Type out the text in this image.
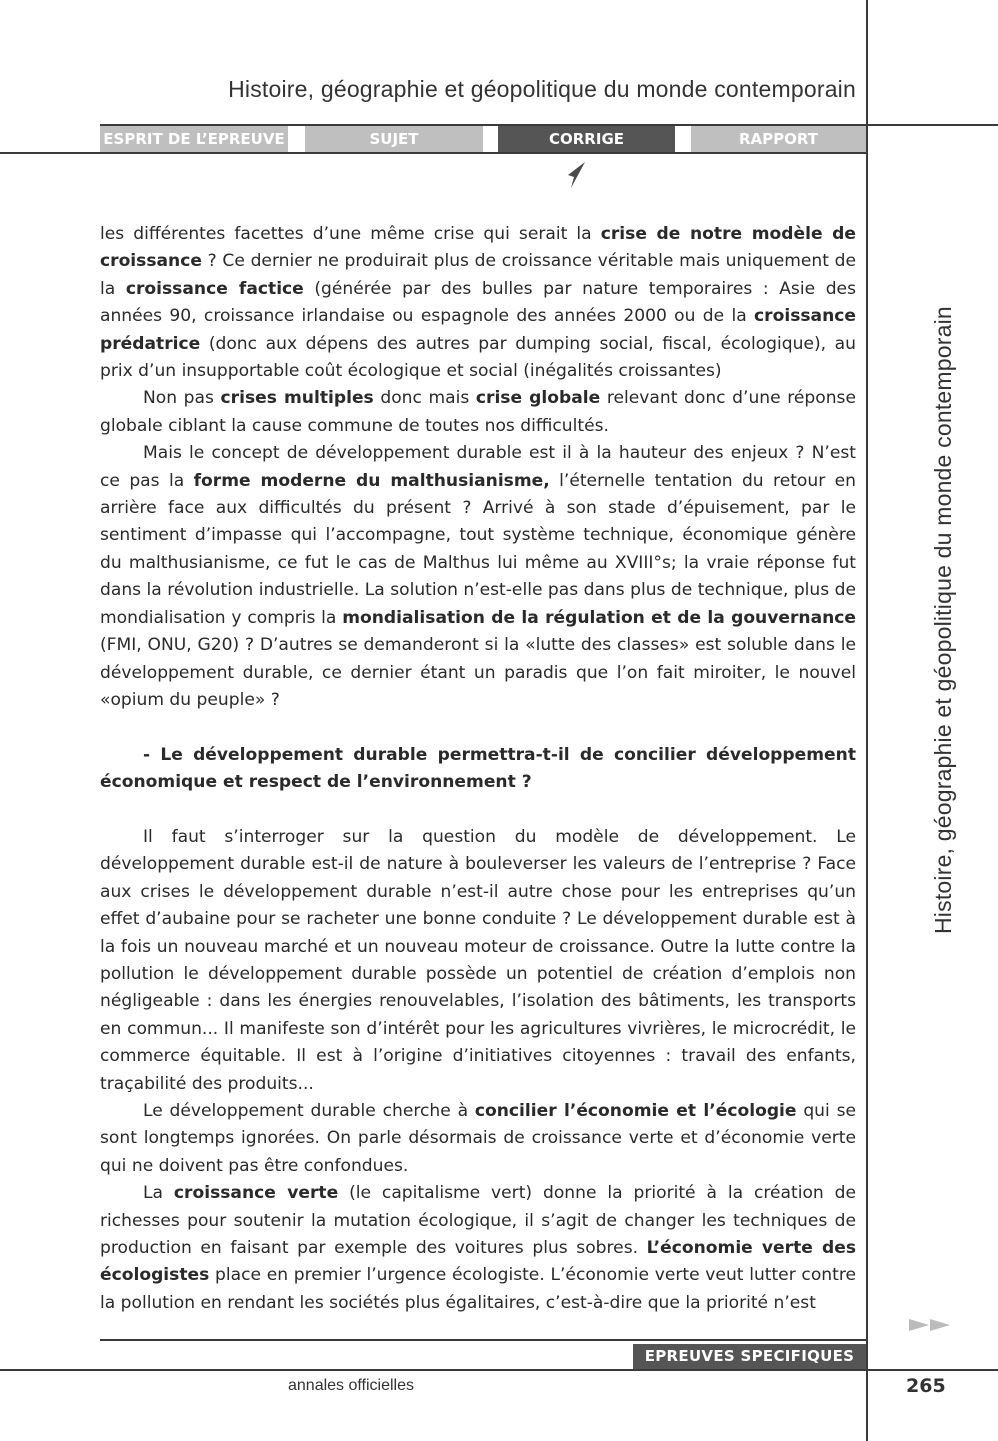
Histoire, géographie et géopolitique du monde contemporain
ESPRIT DE L’EPREUVE	SUJET	CORRIGE	RAPPORT
Histoire, géographie et géopolitique du monde contemporain

les différentes facettes d’une même crise qui serait la crise de notre modèle de croissance ? Ce dernier ne produirait plus de croissance véritable mais uniquement de la croissance factice (générée par des bulles par nature temporaires : Asie des années 90, croissance irlandaise ou espagnole des années 2000 ou de la croissance prédatrice (donc aux dépens des autres par dumping social, fiscal, écologique), au prix d’un insupportable coût écologique et social (inégalités croissantes)

Non pas crises multiples donc mais crise globale relevant donc d’une réponse globale ciblant la cause commune de toutes nos difficultés.

Mais le concept de développement durable est il à la hauteur des enjeux ? N’est ce pas la forme moderne du malthusianisme, l’éternelle tentation du retour en arrière face aux difficultés du présent ? Arrivé à son stade d’épuisement, par le sentiment d’impasse qui l’accompagne, tout système technique, économique génère du malthusianisme, ce fut le cas de Malthus lui même au XVIII°s; la vraie réponse fut dans la révolution industrielle. La solution n’est-elle pas dans plus de technique, plus de mondialisation y compris la mondialisation de la régulation et de la gouvernance (FMI, ONU, G20) ? D’autres se demanderont si la «lutte des classes» est soluble dans le développement durable, ce dernier étant un paradis que l’on fait miroiter, le nouvel «opium du peuple» ?

- Le développement durable permettra-t-il de concilier développement économique et respect de l’environnement ?

Il faut s’interroger sur la question du modèle de développement. Le développement durable est-il de nature à bouleverser les valeurs de l’entreprise ? Face aux crises le développement durable n’est-il autre chose pour les entreprises qu’un effet d’aubaine pour se racheter une bonne conduite ? Le développement durable est à la fois un nouveau marché et un nouveau moteur de croissance. Outre la lutte contre la pollution le développement durable possède un potentiel de création d’emplois non négligeable : dans les énergies renouvelables, l’isolation des bâtiments, les transports en commun... Il manifeste son d’intérêt pour les agricultures vivrières, le microcrédit, le commerce équitable. Il est à l’origine d’initiatives citoyennes : travail des enfants, traçabilité des produits...

Le développement durable cherche à concilier l’économie et l’écologie qui se sont longtemps ignorées. On parle désormais de croissance verte et d’économie verte qui ne doivent pas être confondues.

La croissance verte (le capitalisme vert) donne la priorité à la création de richesses pour soutenir la mutation écologique, il s’agit de changer les techniques de production en faisant par exemple des voitures plus sobres. L’économie verte des écologistes place en premier l’urgence écologiste. L’économie verte veut lutter contre la pollution en rendant les sociétés plus égalitaires, c’est-à-dire que la priorité n’est

EPREUVES SPECIFIQUES
annales officielles	265
